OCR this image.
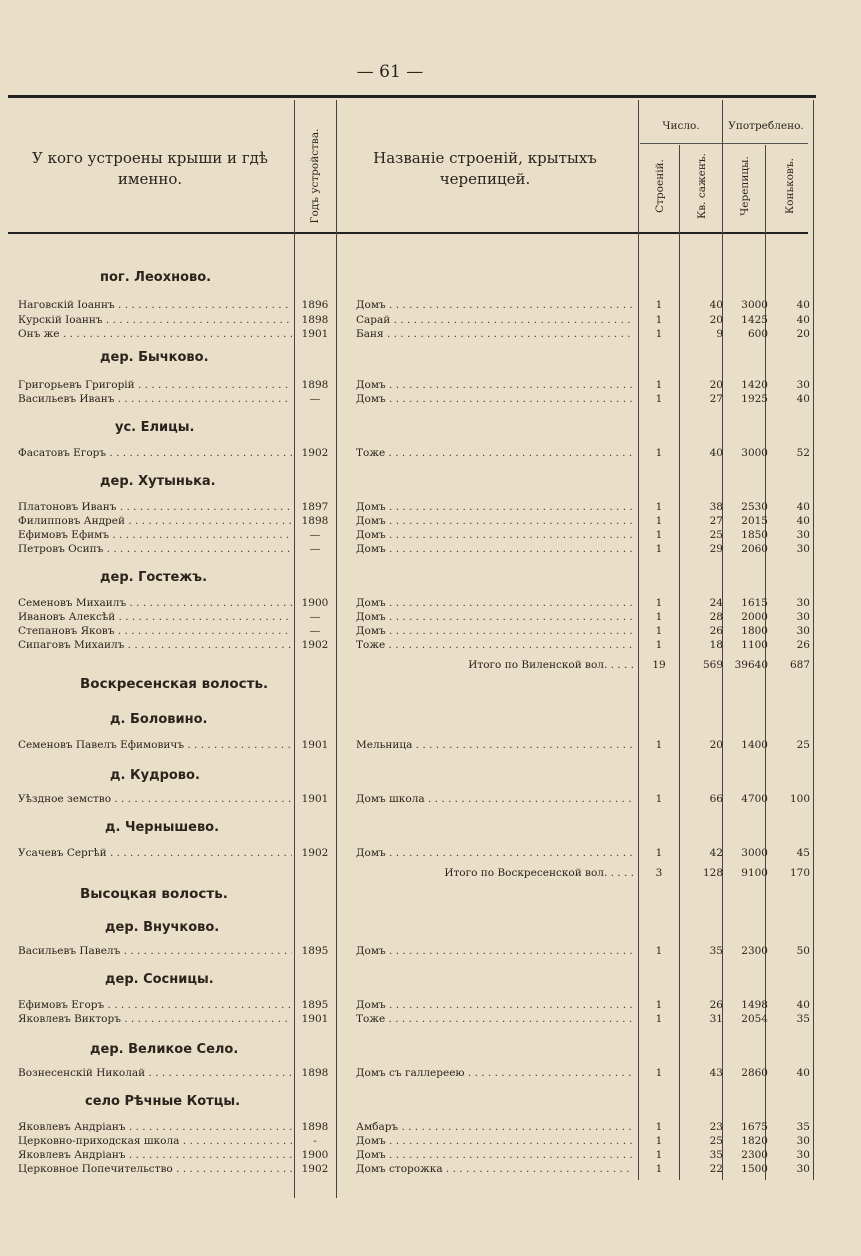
— 61 —
У кого устроены крыши и гдѣ именно.	Годъ устройства.	Названіе строеній, крытыхъ черепицей.
Число.	Употреблено.
Строеній.	Кв. саженъ.	Черепицы.	Коньковъ.
пог. Леохново.
Наговскій Іоаннъ . . .	1896	Домъ . . .	1	40	3000	40
Курскій Іоаннъ . . .	1898	Сарай . . .	1	20	1425	40
Онъ же . . .	1901	Баня . . .	1	9	600	20
дер. Бычково.
Григорьевъ Григорій . . .	1898	Домъ . . .	1	20	1420	30
Васильевъ Иванъ . . .	—	Домъ . . .	1	27	1925	40
ус. Елицы.
Фасатовъ Егоръ . . .	1902	Тоже . . .	1	40	3000	52
дер. Хутынька.
Платоновъ Иванъ . . .	1897	Домъ . . .	1	38	2530	40
Филипповъ Андрей . . .	1898	Домъ . . .	1	27	2015	40
Ефимовъ Ефимъ . . .	—	Домъ . . .	1	25	1850	30
Петровъ Осипъ . . .	—	Домъ . . .	1	29	2060	30
дер. Гостежъ.
Семеновъ Михаилъ . . .	1900	Домъ . . .	1	24	1615	30
Ивановъ Алексѣй . . .	—	Домъ . . .	1	28	2000	30
Степановъ Яковъ . . .	—	Домъ . . .	1	26	1800	30
Сипаговъ Михаилъ . . .	1902	Тоже . . .	1	18	1100	26
Итого по Виленской вол. . . . .	19	569	39640	687
Воскресенская волость.
д. Боловино.
Семеновъ Павелъ Ефимовичъ . . .	1901	Мельница . . .	1	20	1400	25
д. Кудрово.
Уѣздное земство . . .	1901	Домъ школа . . .	1	66	4700	100
д. Чернышево.
Усачевъ Сергѣй . . .	1902	Домъ . . .	1	42	3000	45
Итого по Воскресенской вол. . . . .	3	128	9100	170
Высоцкая волость.
дер. Внучково.
Васильевъ Павелъ . . .	1895	Домъ . . .	1	35	2300	50
дер. Сосницы.
Ефимовъ Егоръ . . .	1895	Домъ . . .	1	26	1498	40
Яковлевъ Викторъ . . .	1901	Тоже . . .	1	31	2054	35
дер. Великое Село.
Вознесенскій Николай . . .	1898	Домъ съ галлереею . . .	1	43	2860	40
село Рѣчные Котцы.
Яковлевъ Андріанъ . . .	1898	Амбаръ . . .	1	23	1675	35
Церковно-приходская школа . . .	-	Домъ . . .	1	25	1820	30
Яковлевъ Андріанъ . . .	1900	Домъ . . .	1	35	2300	30
Церковное Попечительство . . .	1902	Домъ сторожка . . .	1	22	1500	30
